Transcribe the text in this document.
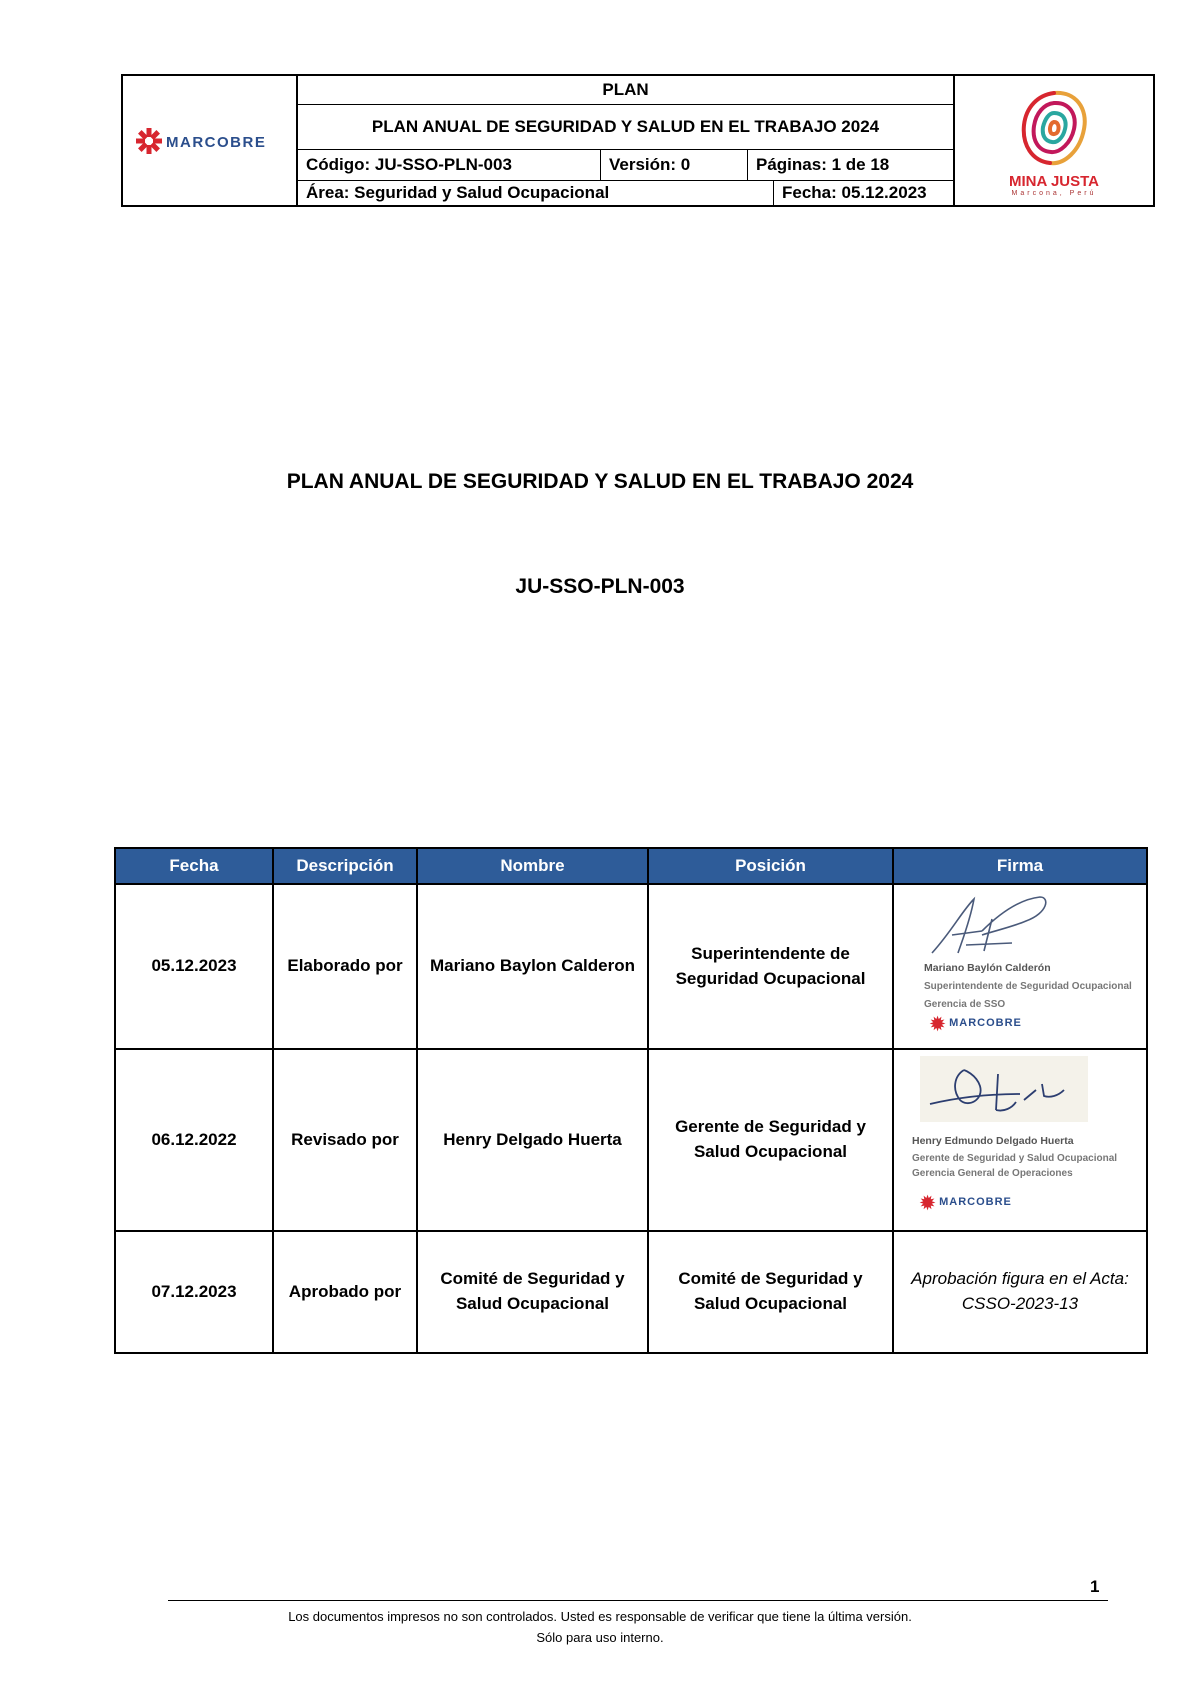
MARCOBRE
PLAN
PLAN ANUAL DE SEGURIDAD Y SALUD EN EL TRABAJO 2024
Código: JU-SSO-PLN-003	Versión: 0	Páginas: 1 de 18
Área: Seguridad y Salud Ocupacional	Fecha: 05.12.2023
MINA JUSTA
Marcona, Perú
PLAN ANUAL DE SEGURIDAD Y SALUD EN EL TRABAJO 2024
JU-SSO-PLN-003
Fecha	Descripción	Nombre	Posición	Firma
05.12.2023	Elaborado por	Mariano Baylon Calderon	Superintendente de Seguridad Ocupacional	Mariano Baylón Calderón
Superintendente de Seguridad Ocupacional
Gerencia de SSO
✹ MARCOBRE

06.12.2022	Revisado por	Henry Delgado Huerta	Gerente de Seguridad y Salud Ocupacional	Henry Edmundo Delgado Huerta
Gerente de Seguridad y Salud Ocupacional
Gerencia General de Operaciones
✹ MARCOBRE

07.12.2023	Aprobado por	Comité de Seguridad y Salud Ocupacional	Comité de Seguridad y Salud Ocupacional	Aprobación figura en el Acta: CSSO-2023-13
1
Los documentos impresos no son controlados. Usted es responsable de verificar que tiene la última versión.
Sólo para uso interno.
